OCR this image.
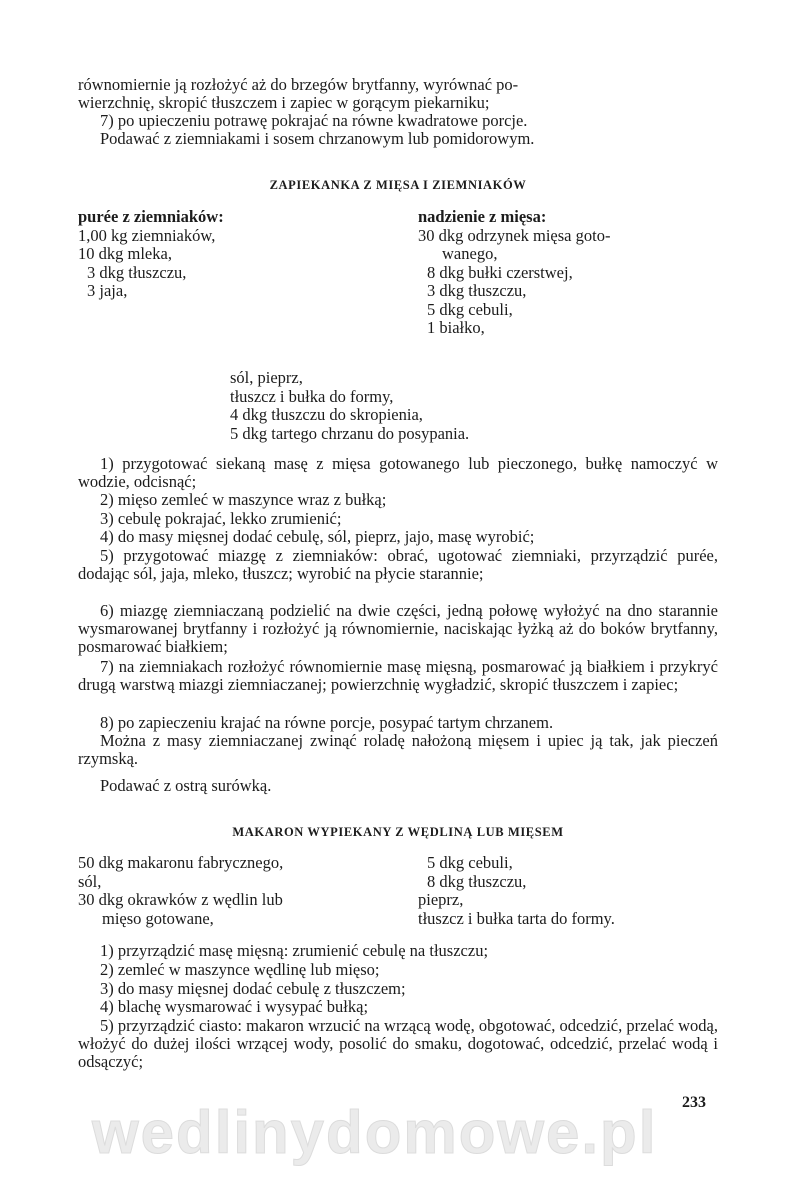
równomiernie ją rozłożyć aż do brzegów brytfanny, wyrównać po-

wierzchnię, skropić tłuszczem i zapiec w gorącym piekarniku;

7) po upieczeniu potrawę pokrajać na równe kwadratowe porcje.

Podawać z ziemniakami i sosem chrzanowym lub pomidorowym.

ZAPIEKANKA Z MIĘSA I ZIEMNIAKÓW
purée z ziemniaków:
1,00 kg ziemniaków,
10 dkg mleka,
3 dkg tłuszczu,
3 jaja,
nadzienie z mięsa:
30 dkg odrzynek mięsa goto-
wanego,
8 dkg bułki czerstwej,
3 dkg tłuszczu,
5 dkg cebuli,
1 białko,
sól, pieprz,
tłuszcz i bułka do formy,
4 dkg tłuszczu do skropienia,
5 dkg tartego chrzanu do posypania.

1) przygotować siekaną masę z mięsa gotowanego lub pieczonego, bułkę namoczyć w wodzie, odcisnąć;

2) mięso zemleć w maszynce wraz z bułką;

3) cebulę pokrajać, lekko zrumienić;

4) do masy mięsnej dodać cebulę, sól, pieprz, jajo, masę wyrobić;

5) przygotować miazgę z ziemniaków: obrać, ugotować ziemniaki, przyrządzić purée, dodając sól, jaja, mleko, tłuszcz; wyrobić na płycie starannie;

6) miazgę ziemniaczaną podzielić na dwie części, jedną połowę wyłożyć na dno starannie wysmarowanej brytfanny i rozłożyć ją równomiernie, naciskając łyżką aż do boków brytfanny, posmarować białkiem;

7) na ziemniakach rozłożyć równomiernie masę mięsną, posmarować ją białkiem i przykryć drugą warstwą miazgi ziemniaczanej; powierzchnię wygładzić, skropić tłuszczem i zapiec;

8) po zapieczeniu krajać na równe porcje, posypać tartym chrzanem.

Można z masy ziemniaczanej zwinąć roladę nałożoną mięsem i upiec ją tak, jak pieczeń rzymską.

Podawać z ostrą surówką.

MAKARON WYPIEKANY Z WĘDLINĄ LUB MIĘSEM
50 dkg makaronu fabrycznego,
sól,
30 dkg okrawków z wędlin lub
mięso gotowane,
5 dkg cebuli,
8 dkg tłuszczu,
pieprz,
tłuszcz i bułka tarta do formy.

1) przyrządzić masę mięsną: zrumienić cebulę na tłuszczu;

2) zemleć w maszynce wędlinę lub mięso;

3) do masy mięsnej dodać cebulę z tłuszczem;

4) blachę wysmarować i wysypać bułką;

5) przyrządzić ciasto: makaron wrzucić na wrzącą wodę, obgotować, odcedzić, przelać wodą, włożyć do dużej ilości wrzącej wody, posolić do smaku, dogotować, odcedzić, przelać wodą i odsączyć;

wedlinydomowe.pl 233
